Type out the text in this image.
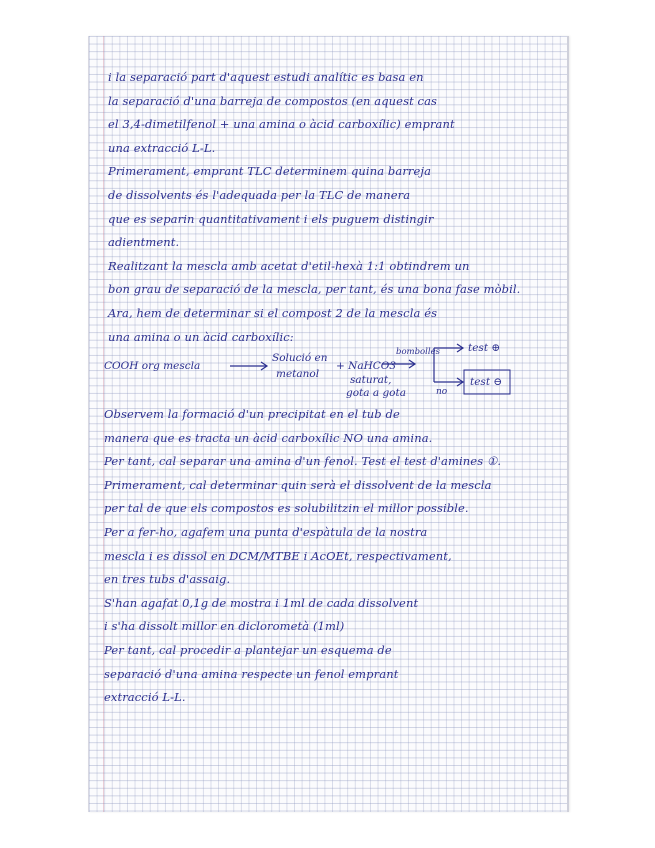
i la separació part d'aquest estudi analític es basa en
la separació d'una barreja de compostos (en aquest cas
el 3,4-dimetilfenol + una amina o àcid carboxílic) emprant
una extracció L-L.
Primerament, emprant TLC determinem quina barreja
de dissolvents és l'adequada per la TLC de manera
que es separin quantitativament i els puguem distingir
adientment.
Realitzant la mescla amb acetat d'etil-hexà 1:1 obtindrem un
bon grau de separació de la mescla, per tant, és una bona fase mòbil.
Ara, hem de determinar si el compost 2 de la mescla és
una amina o un àcid carboxílic:
COOH org mescla
Solució en
metanol
+ NaHCO3
saturat,
gota a gota
bombolles
no
test ⊕
test ⊖
Observem la formació d'un precipitat en el tub de
manera que es tracta un àcid carboxílic NO una amina.
Per tant, cal separar una amina d'un fenol. Test el test d'amines ①.
Primerament, cal determinar quin serà el dissolvent de la mescla
per tal de que els compostos es solubilitzin el millor possible.
Per a fer-ho, agafem una punta d'espàtula de la nostra
mescla i es dissol en DCM/MTBE i AcOEt, respectivament,
en tres tubs d'assaig.
S'han agafat 0,1g de mostra i 1ml de cada dissolvent
i s'ha dissolt millor en diclorometà (1ml)
Per tant, cal procedir a plantejar un esquema de
separació d'una amina respecte un fenol emprant
extracció L-L.
